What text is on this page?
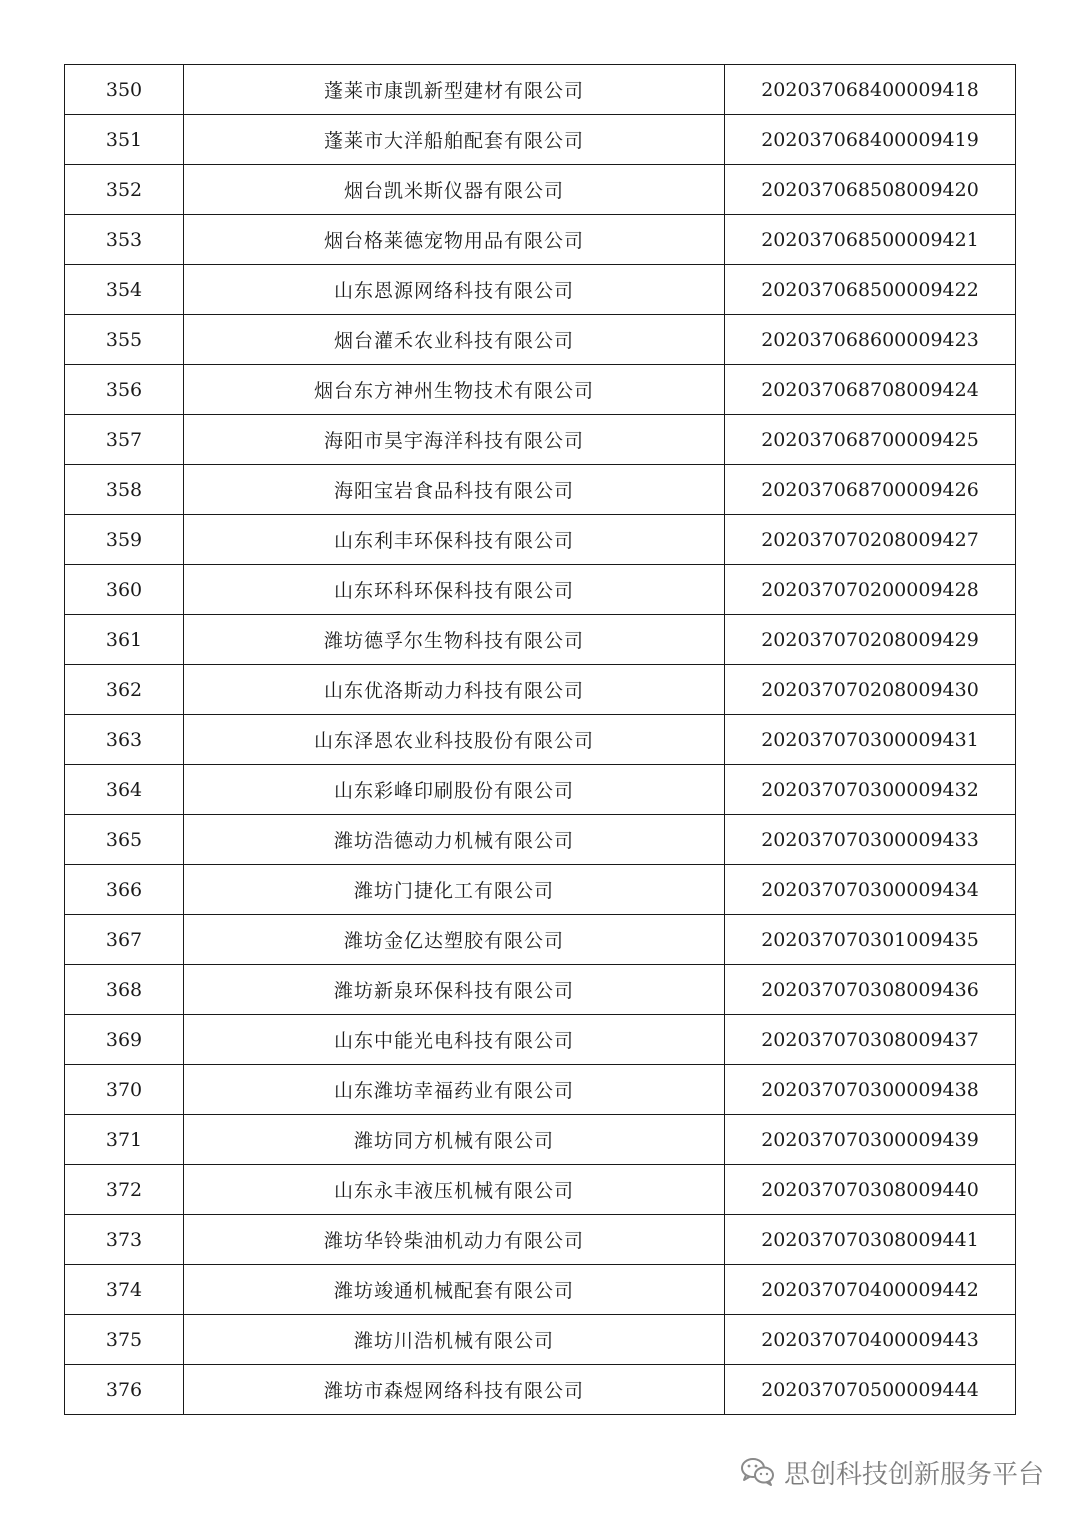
350	蓬莱市康凯新型建材有限公司	202037068400009418
351	蓬莱市大洋船舶配套有限公司	202037068400009419
352	烟台凯米斯仪器有限公司	202037068508009420
353	烟台格莱德宠物用品有限公司	202037068500009421
354	山东恩源网络科技有限公司	202037068500009422
355	烟台灌禾农业科技有限公司	202037068600009423
356	烟台东方神州生物技术有限公司	202037068708009424
357	海阳市昊宇海洋科技有限公司	202037068700009425
358	海阳宝岩食品科技有限公司	202037068700009426
359	山东利丰环保科技有限公司	202037070208009427
360	山东环科环保科技有限公司	202037070200009428
361	潍坊德孚尔生物科技有限公司	202037070208009429
362	山东优洛斯动力科技有限公司	202037070208009430
363	山东泽恩农业科技股份有限公司	202037070300009431
364	山东彩峰印刷股份有限公司	202037070300009432
365	潍坊浩德动力机械有限公司	202037070300009433
366	潍坊门捷化工有限公司	202037070300009434
367	潍坊金亿达塑胶有限公司	202037070301009435
368	潍坊新泉环保科技有限公司	202037070308009436
369	山东中能光电科技有限公司	202037070308009437
370	山东潍坊幸福药业有限公司	202037070300009438
371	潍坊同方机械有限公司	202037070300009439
372	山东永丰液压机械有限公司	202037070308009440
373	潍坊华铃柴油机动力有限公司	202037070308009441
374	潍坊竣通机械配套有限公司	202037070400009442
375	潍坊川浩机械有限公司	202037070400009443
376	潍坊市森煜网络科技有限公司	202037070500009444
思创科技创新服务平台
